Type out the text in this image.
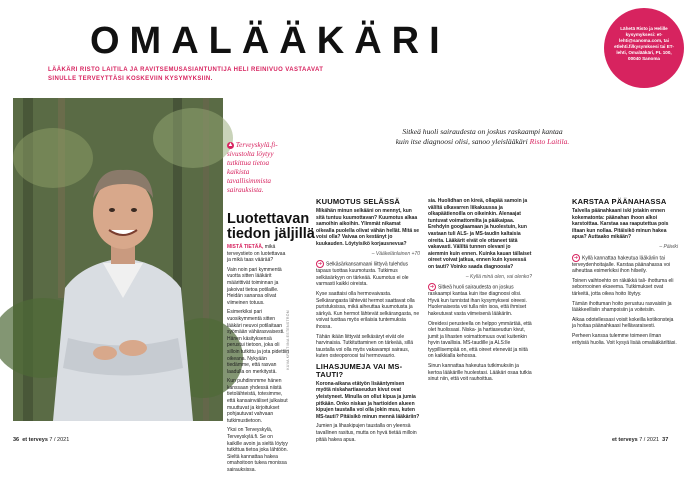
OMALÄÄKÄRI
LÄÄKÄRI RISTO LAITILA JA RAVITSEMUSASIANTUNTIJA HELI REINIVUO VASTAAVAT SINULLE TERVEYTTÄSI KOSKEVIIN KYSYMYKSIIN.
Lähetä Risto ja Helille kysymyksesi: et-lehti@sanoma.com, tai etlehti.fi/kysymksesi tai ET-lehti, Omalääkäri, PL 100, 00040 Sanoma
▲ Terveyskylä.fi-sivustolta löytyy tutkittua tietoa kaikista tavallisimmista sairauksista.
KUVA KRISTIINA ESTENSTRÖM
Luotettavan tiedon jäljillä

MISTÄ TIETÄÄ, mikä terveystieto on luotettavaa ja mikä taas väärää?

Vain noin pari kymmentä vuotta sitten lääkärit määrittivät toiminnan ja jakoivat tietoa potilaille. Heidän sanansa olivat viimeinen totuus.

Esimerkiksi pari vuosikymmentä sitten lääkäri neuvoi potilaitaan syömään vähärasvaisesti. Hänen käsityksensä perustui tietoon, joka oli silloin tutkittu ja jota pidettiin oikeana. Nykyään tiedämme, että rasvan laadulla on merkitystä.

Kun puhdinnmme hänen kanssaan yhdessä niistä tietolähteistä, totesimme, että kansainväliset julkaisut muuttuvat ja kirjoitukset pohjautuvat vahvaan tutkimustietoon.

Yksi on Terveyskylä, Terveyskylä.fi. Se on kaikille avoin ja sieltä löytyy tutkittua tietoa joka lähtöön. Sieltä kannattaa hakea omahoitoon tukea monissa sairauksissa.

Sitkeä huoli sairaudesta on joskus raskaampi kantaa kuin itse diagnoosi olisi, sanoo yleislääkäri Risto Laitila.
KUUMOTUS SELÄSSÄ

Mikähän minun selkääni on mennyt, kun sitä tuntuu kuumottavan? Kuumotus alkaa samoihin aikoihin. Ylimmät nikamat oikealla puolella olivat vähän hellät. Mitä se voisi olla? Vaivaa on kestänyt jo kuukauden. Löytyisikö korjausnevua?

– Vääkelänlainen +70

➜ Selkäsärkansamaani liittyvä tulehdus tapaus tuottaa kuumotusta. Tutkimus selkäsärkyyn on tärkeää. Kuumotus ei ole varmasti kaikki oireista.

Kyse saattaisi olla hermovaivasta. Selkärangasta lähtevät hermot saattavat olla puristuksissa, mikä aiheuttaa kuumotusta ja särkyä. Kun hermot lähtevät selkärangasta, ne voivat tuottaa myös erilaisia tuntemuksia ihossa.

Tähän ikään liittyvät selkäsäryt eivät ole harvinaisia. Tutkituttaminen on tärkeää, sillä taustalla voi olla myös vakavampi sairaus, kuten osteoporoosi tai hermovaurio.

LIHASJUMEJA VAI MS-TAUTI?

Korona-aikana etätyön lisääntymisen myötä niskahartiaseudun kivut ovat yleistyneet. Minulla on ollut kipua ja jumia pitkään. Onko niskan ja hartioiden alueen kipujen taustalla voi olla jokin muu, kuten MS-tauti? Pitäisikö minun mennä lääkäriin?

Jumien ja lihaskipujen taustalla on yleensä tavallinen rasitus, mutta on hyvä tietää milloin pitää hakea apua.

sia. Huolidhan on kireä, ollapää samoin ja väliltä ulkavarren liikakuussa ja olkapäätienoilla on oikeinkin. Alenaajat tuntuvat voimattomilta ja pääkaipaa. Erehdyin googlaamaan ja huolestuin, kun vastaan tuli ALS- ja MS-taudin kaltaisia oireita. Lääkärit eivät ole ottaneet tätä vakavasti. Väliltä tunnen olevani jo aiemmin kuin ennen. Kuinka kauan tällaiset oireet voivat jatkua, ennen kuin kyseessä on tauti? Voinko saada diagnoosia?

– Kyllä minä olen, vai olenko?

➜ Sitkeä huoli sairaudesta on joskus raskaampi kantaa kuin itse diagnoosi olisi. Hyvä kun tunnistat ihan kysymyksesi oireesi. Huolenaisesta voi tulla niin isoa, että ihmiset hakeutuvat vasta viimeisenä lääkäriin.

Oireidesi perusteella on helppo ymmärtää, että olet huolissasi. Niska- ja hartiaseudun kivut, jumit ja lihasten voimattomuus ovat kuitenkin hyvin tavallisia. MS-taudille ja ALS:lle tyypillisempää on, että oireet etenevät ja niitä on kaikkialla kehossa.

Sinun kannattaa hakeutua tutkimuksiin ja kertoa lääkärille huolestasi. Lääkäri osaa tutkia sinut niin, että voit rauhoittua.

KARSTAA PÄÄNAHASSA

Talvella päänahkaani iski jotakin ennen kokematonta: päänahan ihoon alkoi karstoittaa. Karstaa saa raaputettua pois iltaan kun nollaa. Pitäisikö minun hakea apua? Auttaako mikään?

– Päiviki

➜ Kyllä kannattaa hakeutua lääkäriin tai terveydenhoitajalle. Karstaa päänahassa voi aiheuttaa esimerkiksi ihon hilseily.

Toinen vaihtoehto on räkäkkä tali- ihottuma eli seborrooinen ekseema. Tutkimukset ovat tärkeitä, jotta oikea hoito löytyy.

Tämän ihottuman hoito perustuu rasvaisiin ja lääkkeellisiin shampoisiin ja voiteisiin.

Aikaa odotellessasi voisit kokeilla kotikonsteja ja hoitaa päänahkaasi hellävaraisesti.

Perheen kanssa tulemme toimeen ilman erityisiä huolia. Voit kysyä lisää omalääkäriltäsi.

36 et terveys 7 / 2021	et terveys 7 / 2021 37
